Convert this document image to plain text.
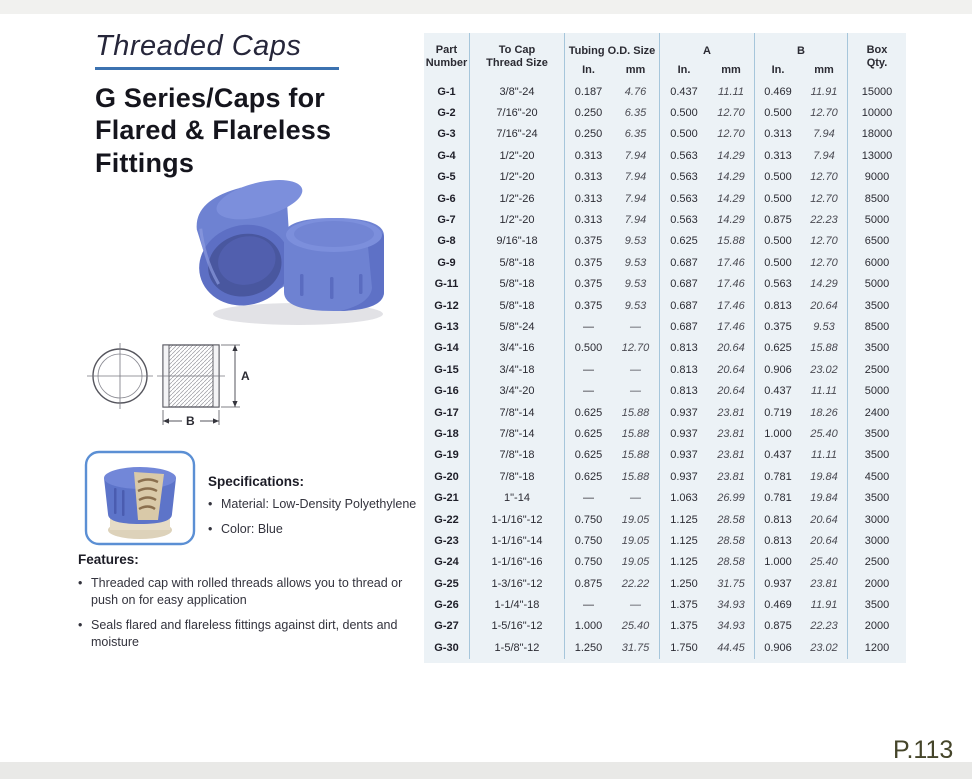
Threaded Caps
G Series/Caps for Flared & Flareless Fittings
A
B
Specifications:
• Material: Low-Density Polyethylene
• Color: Blue
Features:
• Threaded cap with rolled threads allows you to thread or push on for easy application
• Seals flared and flareless fittings against dirt, dents and moisture
Part
Number
To Cap
Thread Size
Tubing O.D. Size
In.	mm
A
In.	mm
B
In.	mm
Box
Qty.
G-1	3/8"-24	0.187	4.76	0.437	11.11	0.469	11.91	15000
G-2	7/16"-20	0.250	6.35	0.500	12.70	0.500	12.70	10000
G-3	7/16"-24	0.250	6.35	0.500	12.70	0.313	7.94	18000
G-4	1/2"-20	0.313	7.94	0.563	14.29	0.313	7.94	13000
G-5	1/2"-20	0.313	7.94	0.563	14.29	0.500	12.70	9000
G-6	1/2"-26	0.313	7.94	0.563	14.29	0.500	12.70	8500
G-7	1/2"-20	0.313	7.94	0.563	14.29	0.875	22.23	5000
G-8	9/16"-18	0.375	9.53	0.625	15.88	0.500	12.70	6500
G-9	5/8"-18	0.375	9.53	0.687	17.46	0.500	12.70	6000
G-11	5/8"-18	0.375	9.53	0.687	17.46	0.563	14.29	5000
G-12	5/8"-18	0.375	9.53	0.687	17.46	0.813	20.64	3500
G-13	5/8"-24	—	—	0.687	17.46	0.375	9.53	8500
G-14	3/4"-16	0.500	12.70	0.813	20.64	0.625	15.88	3500
G-15	3/4"-18	—	—	0.813	20.64	0.906	23.02	2500
G-16	3/4"-20	—	—	0.813	20.64	0.437	11.11	5000
G-17	7/8"-14	0.625	15.88	0.937	23.81	0.719	18.26	2400
G-18	7/8"-14	0.625	15.88	0.937	23.81	1.000	25.40	3500
G-19	7/8"-18	0.625	15.88	0.937	23.81	0.437	11.11	3500
G-20	7/8"-18	0.625	15.88	0.937	23.81	0.781	19.84	4500
G-21	1"-14	—	—	1.063	26.99	0.781	19.84	3500
G-22	1-1/16"-12	0.750	19.05	1.125	28.58	0.813	20.64	3000
G-23	1-1/16"-14	0.750	19.05	1.125	28.58	0.813	20.64	3000
G-24	1-1/16"-16	0.750	19.05	1.125	28.58	1.000	25.40	2500
G-25	1-3/16"-12	0.875	22.22	1.250	31.75	0.937	23.81	2000
G-26	1-1/4"-18	—	—	1.375	34.93	0.469	11.91	3500
G-27	1-5/16"-12	1.000	25.40	1.375	34.93	0.875	22.23	2000
G-30	1-5/8"-12	1.250	31.75	1.750	44.45	0.906	23.02	1200
P.113
